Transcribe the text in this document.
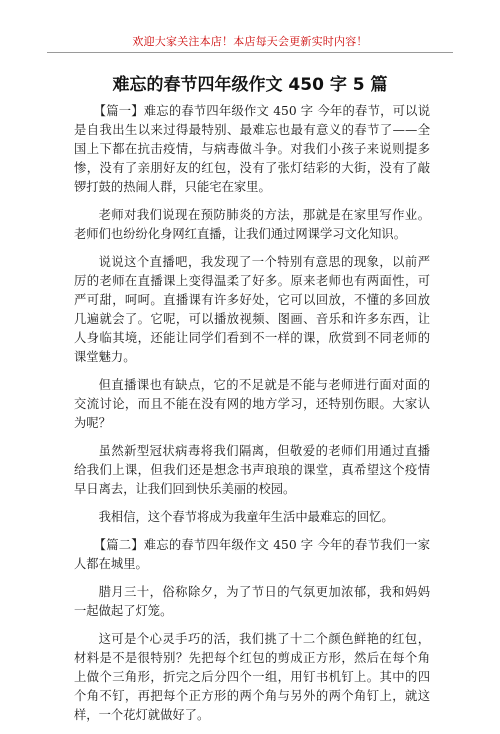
欢迎大家关注本店！本店每天会更新实时内容！
难忘的春节四年级作文 450 字 5 篇

【篇一】难忘的春节四年级作文 450 字 今年的春节，可以说是自我出生以来过得最特别、最难忘也最有意义的春节了——全国上下都在抗击疫情，与病毒做斗争。对我们小孩子来说则提多惨，没有了亲朋好友的红包，没有了张灯结彩的大街，没有了敲锣打鼓的热闹人群，只能宅在家里。

老师对我们说现在预防肺炎的方法，那就是在家里写作业。老师们也纷纷化身网红直播，让我们通过网课学习文化知识。

说说这个直播吧，我发现了一个特别有意思的现象，以前严厉的老师在直播课上变得温柔了好多。原来老师也有两面性，可严可甜，呵呵。直播课有许多好处，它可以回放，不懂的多回放几遍就会了。它呢，可以播放视频、图画、音乐和许多东西，让人身临其境，还能让同学们看到不一样的课，欣赏到不同老师的课堂魅力。

但直播课也有缺点，它的不足就是不能与老师进行面对面的交流讨论，而且不能在没有网的地方学习，还特别伤眼。大家认为呢？

虽然新型冠状病毒将我们隔离，但敬爱的老师们用通过直播给我们上课，但我们还是想念书声琅琅的课堂，真希望这个疫情早日离去，让我们回到快乐美丽的校园。

我相信，这个春节将成为我童年生活中最难忘的回忆。

【篇二】难忘的春节四年级作文 450 字 今年的春节我们一家人都在城里。

腊月三十，俗称除夕，为了节日的气氛更加浓郁，我和妈妈一起做起了灯笼。

这可是个心灵手巧的活，我们挑了十二个颜色鲜艳的红包，材料是不是很特别？先把每个红包的剪成正方形，然后在每个角上做个三角形，折完之后分四个一组，用钉书机钉上。其中的四个角不钉，再把每个正方形的两个角与另外的两个角钉上，就这样，一个花灯就做好了。
